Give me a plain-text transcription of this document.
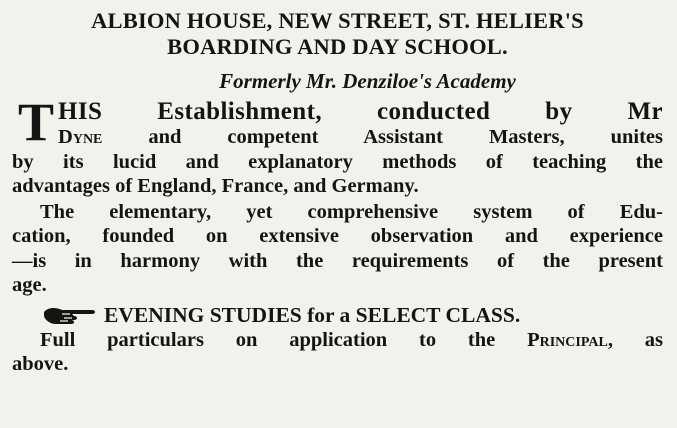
ALBION HOUSE, NEW STREET, ST. HELIER'S
BOARDING AND DAY SCHOOL.
Formerly Mr. Denziloe's Academy
T HIS Establishment, conducted by Mr
Dyne and competent Assistant Masters, unites
by its lucid and explanatory methods of teaching the
advantages of England, France, and Germany.
The elementary, yet comprehensive system of Edu-
cation, founded on extensive observation and experience
—is in harmony with the requirements of the present
age.
EVENING STUDIES for a SELECT CLASS.
Full particulars on application to the Principal, as
above.
